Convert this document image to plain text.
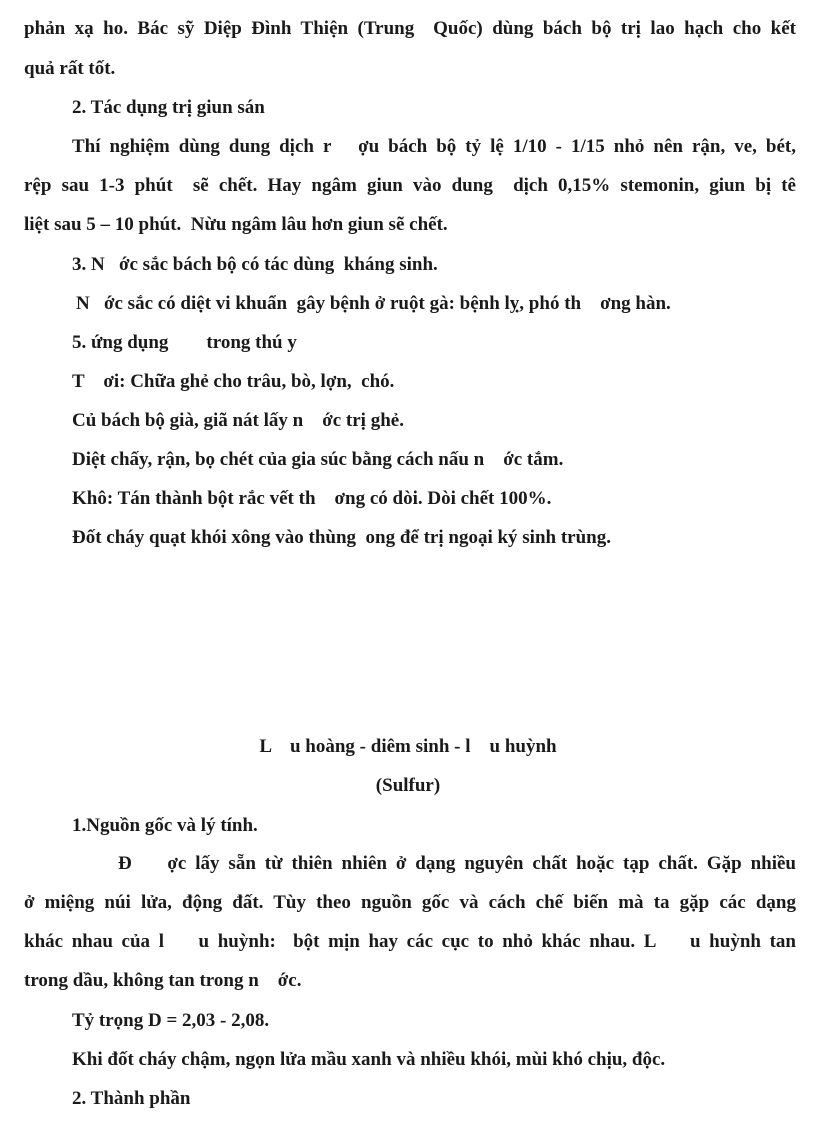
phản xạ ho. Bác sỹ Diệp Đình Thiện (Trung  Quốc) dùng bách bộ trị lao hạch cho kết
quả rất tốt.
2. Tác dụng trị giun sán
Thí nghiệm dùng dung dịch r   ợu bách bộ tỷ lệ 1/10 - 1/15 nhỏ nên rận, ve, bét,
rệp sau 1-3 phút  sẽ chết. Hay ngâm giun vào dung  dịch 0,15% stemonin, giun bị tê
liệt sau 5 – 10 phút.  Nừu ngâm lâu hơn giun sẽ chết.
3. N   ớc sắc bách bộ có tác dùng  kháng sinh.
N   ớc sắc có diệt vi khuẩn  gây bệnh ở ruột gà: bệnh lỵ, phó th    ơng hàn.
5. ứng dụng        trong thú y
T    ơi: Chữa ghẻ cho trâu, bò, lợn,  chó.
Củ bách bộ già, giã nát lấy n    ớc trị ghẻ.
Diệt chấy, rận, bọ chét của gia súc bằng cách nấu n    ớc tắm.
Khô: Tán thành bột rắc vết th    ơng có dòi. Dòi chết 100%.
Đốt cháy quạt khói xông vào thùng  ong để trị ngoại ký sinh trùng.
L    u hoàng - diêm sinh - l    u huỳnh
(Sulfur)
1.Nguồn gốc và lý tính.
Đ    ợc lấy sẵn từ thiên nhiên ở dạng nguyên chất hoặc tạp chất. Gặp nhiều
ở miệng núi lửa, động đất. Tùy theo nguồn gốc và cách chế biến mà ta gặp các dạng
khác nhau của l    u huỳnh:  bột mịn hay các cục to nhỏ khác nhau. L    u huỳnh tan
trong dầu, không tan trong n    ớc.
Tỷ trọng D = 2,03 - 2,08.
Khi đốt cháy chậm, ngọn lửa mầu xanh và nhiều khói, mùi khó chịu, độc.
2. Thành phần
